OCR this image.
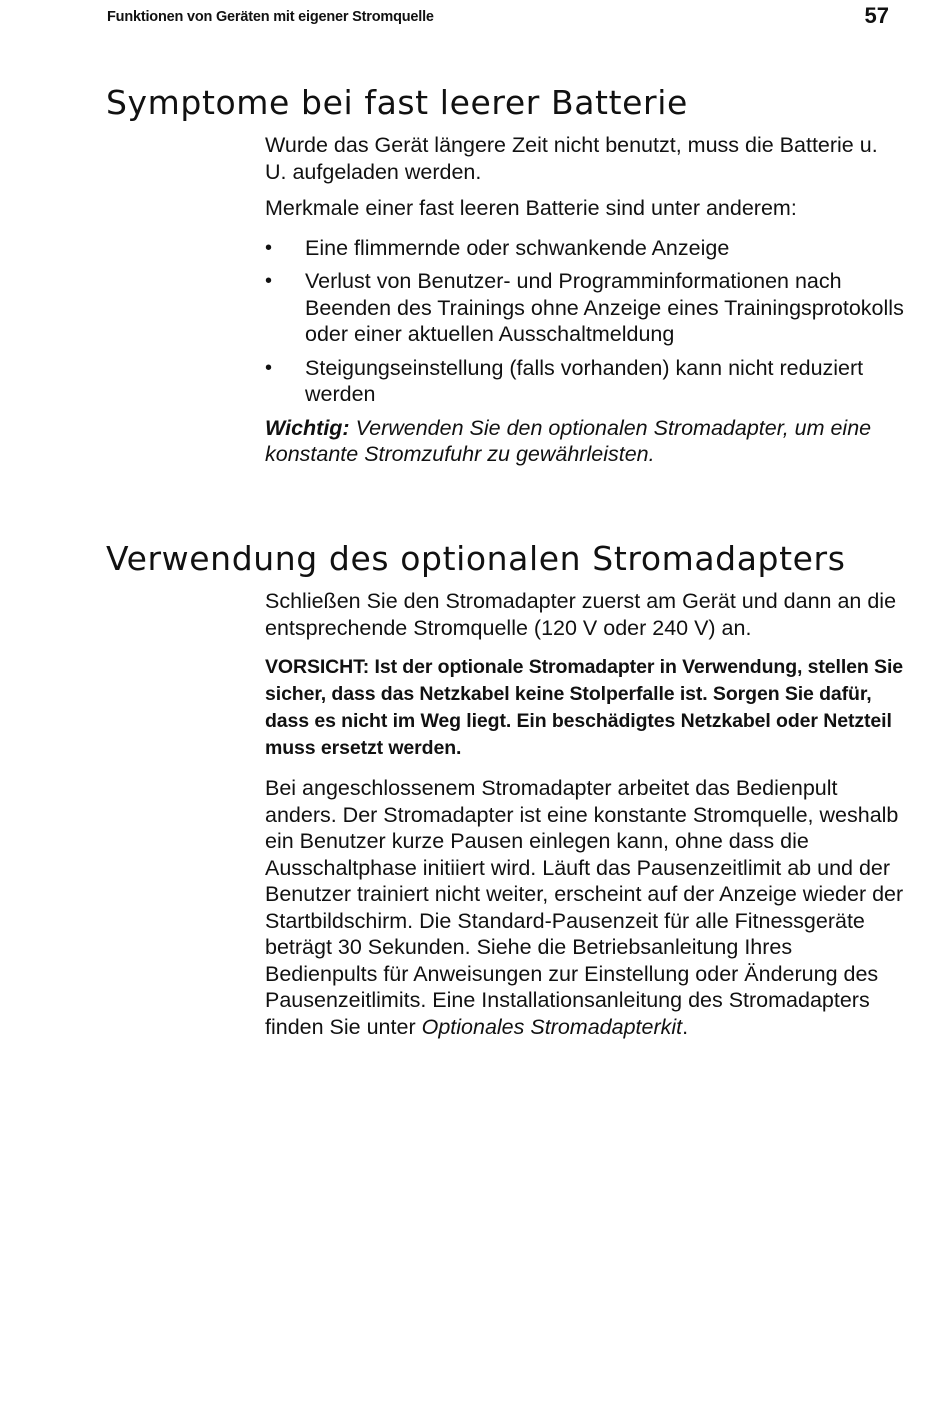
Funktionen von Geräten mit eigener Stromquelle	57
Symptome bei fast leerer Batterie

Wurde das Gerät längere Zeit nicht benutzt, muss die Batterie u. U. aufgeladen werden.

Merkmale einer fast leeren Batterie sind unter anderem:

• Eine flimmernde oder schwankende Anzeige
• Verlust von Benutzer- und Programminformationen nach Beenden des Trainings ohne Anzeige eines Trainingsprotokolls oder einer aktuellen Ausschaltmeldung
• Steigungseinstellung (falls vorhanden) kann nicht reduziert werden

Wichtig: Verwenden Sie den optionalen Stromadapter, um eine konstante Stromzufuhr zu gewährleisten.

Verwendung des optionalen Stromadapters

Schließen Sie den Stromadapter zuerst am Gerät und dann an die entsprechende Stromquelle (120 V oder 240 V) an.

VORSICHT: Ist der optionale Stromadapter in Verwendung, stellen Sie sicher, dass das Netzkabel keine Stolperfalle ist. Sorgen Sie dafür, dass es nicht im Weg liegt. Ein beschädigtes Netzkabel oder Netzteil muss ersetzt werden.

Bei angeschlossenem Stromadapter arbeitet das Bedienpult anders. Der Stromadapter ist eine konstante Stromquelle, weshalb ein Benutzer kurze Pausen einlegen kann, ohne dass die Ausschaltphase initiiert wird. Läuft das Pausenzeitlimit ab und der Benutzer trainiert nicht weiter, erscheint auf der Anzeige wieder der Startbildschirm. Die Standard-Pausenzeit für alle Fitnessgeräte beträgt 30 Sekunden. Siehe die Betriebsanleitung Ihres Bedienpults für Anweisungen zur Einstellung oder Änderung des Pausenzeitlimits. Eine Installationsanleitung des Stromadapters finden Sie unter Optionales Stromadapterkit.
